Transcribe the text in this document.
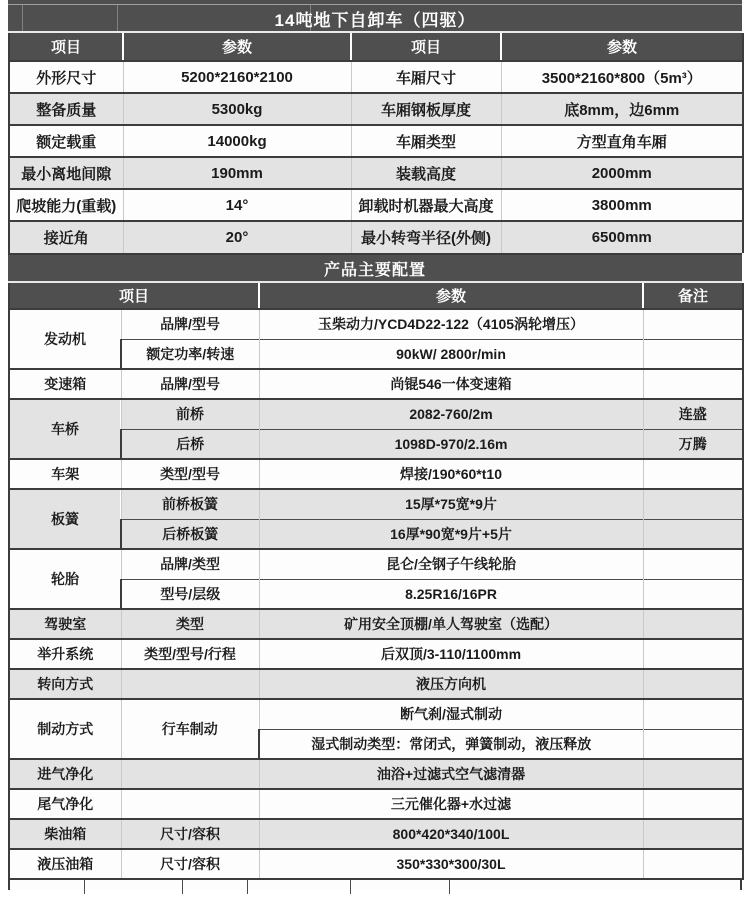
14吨地下自卸车（四驱）
项目	参数	项目	参数
外形尺寸	5200*2160*2100	车厢尺寸	3500*2160*800（5m³）
整备质量	5300kg	车厢钢板厚度	底8mm，边6mm
额定载重	14000kg	车厢类型	方型直角车厢
最小离地间隙	190mm	装载高度	2000mm
爬坡能力(重载)	14°	卸载时机器最大高度	3800mm
接近角	20°	最小转弯半径(外侧)	6500mm
产品主要配置
项目		参数	备注
发动机	品牌/型号	玉柴动力/YCD4D22-122（4105涡轮增压）	
	额定功率/转速	90kW/ 2800r/min	
变速箱	品牌/型号	尚锟546一体变速箱	
车桥	前桥	2082-760/2m	连盛
	后桥	1098D-970/2.16m	万腾
车架	类型/型号	焊接/190*60*t10	
板簧	前桥板簧	15厚*75宽*9片	
	后桥板簧	16厚*90宽*9片+5片	
轮胎	品牌/类型	昆仑/全钢子午线轮胎	
	型号/层级	8.25R16/16PR	
驾驶室	类型	矿用安全顶棚/单人驾驶室（选配）	
举升系统	类型/型号/行程	后双顶/3-110/1100mm	
转向方式		液压方向机	
制动方式	行车制动	断气刹/湿式制动	
		湿式制动类型：常闭式，弹簧制动，液压释放	
进气净化		油浴+过滤式空气滤清器	
尾气净化		三元催化器+水过滤	
柴油箱	尺寸/容积	800*420*340/100L	
液压油箱	尺寸/容积	350*330*300/30L	
